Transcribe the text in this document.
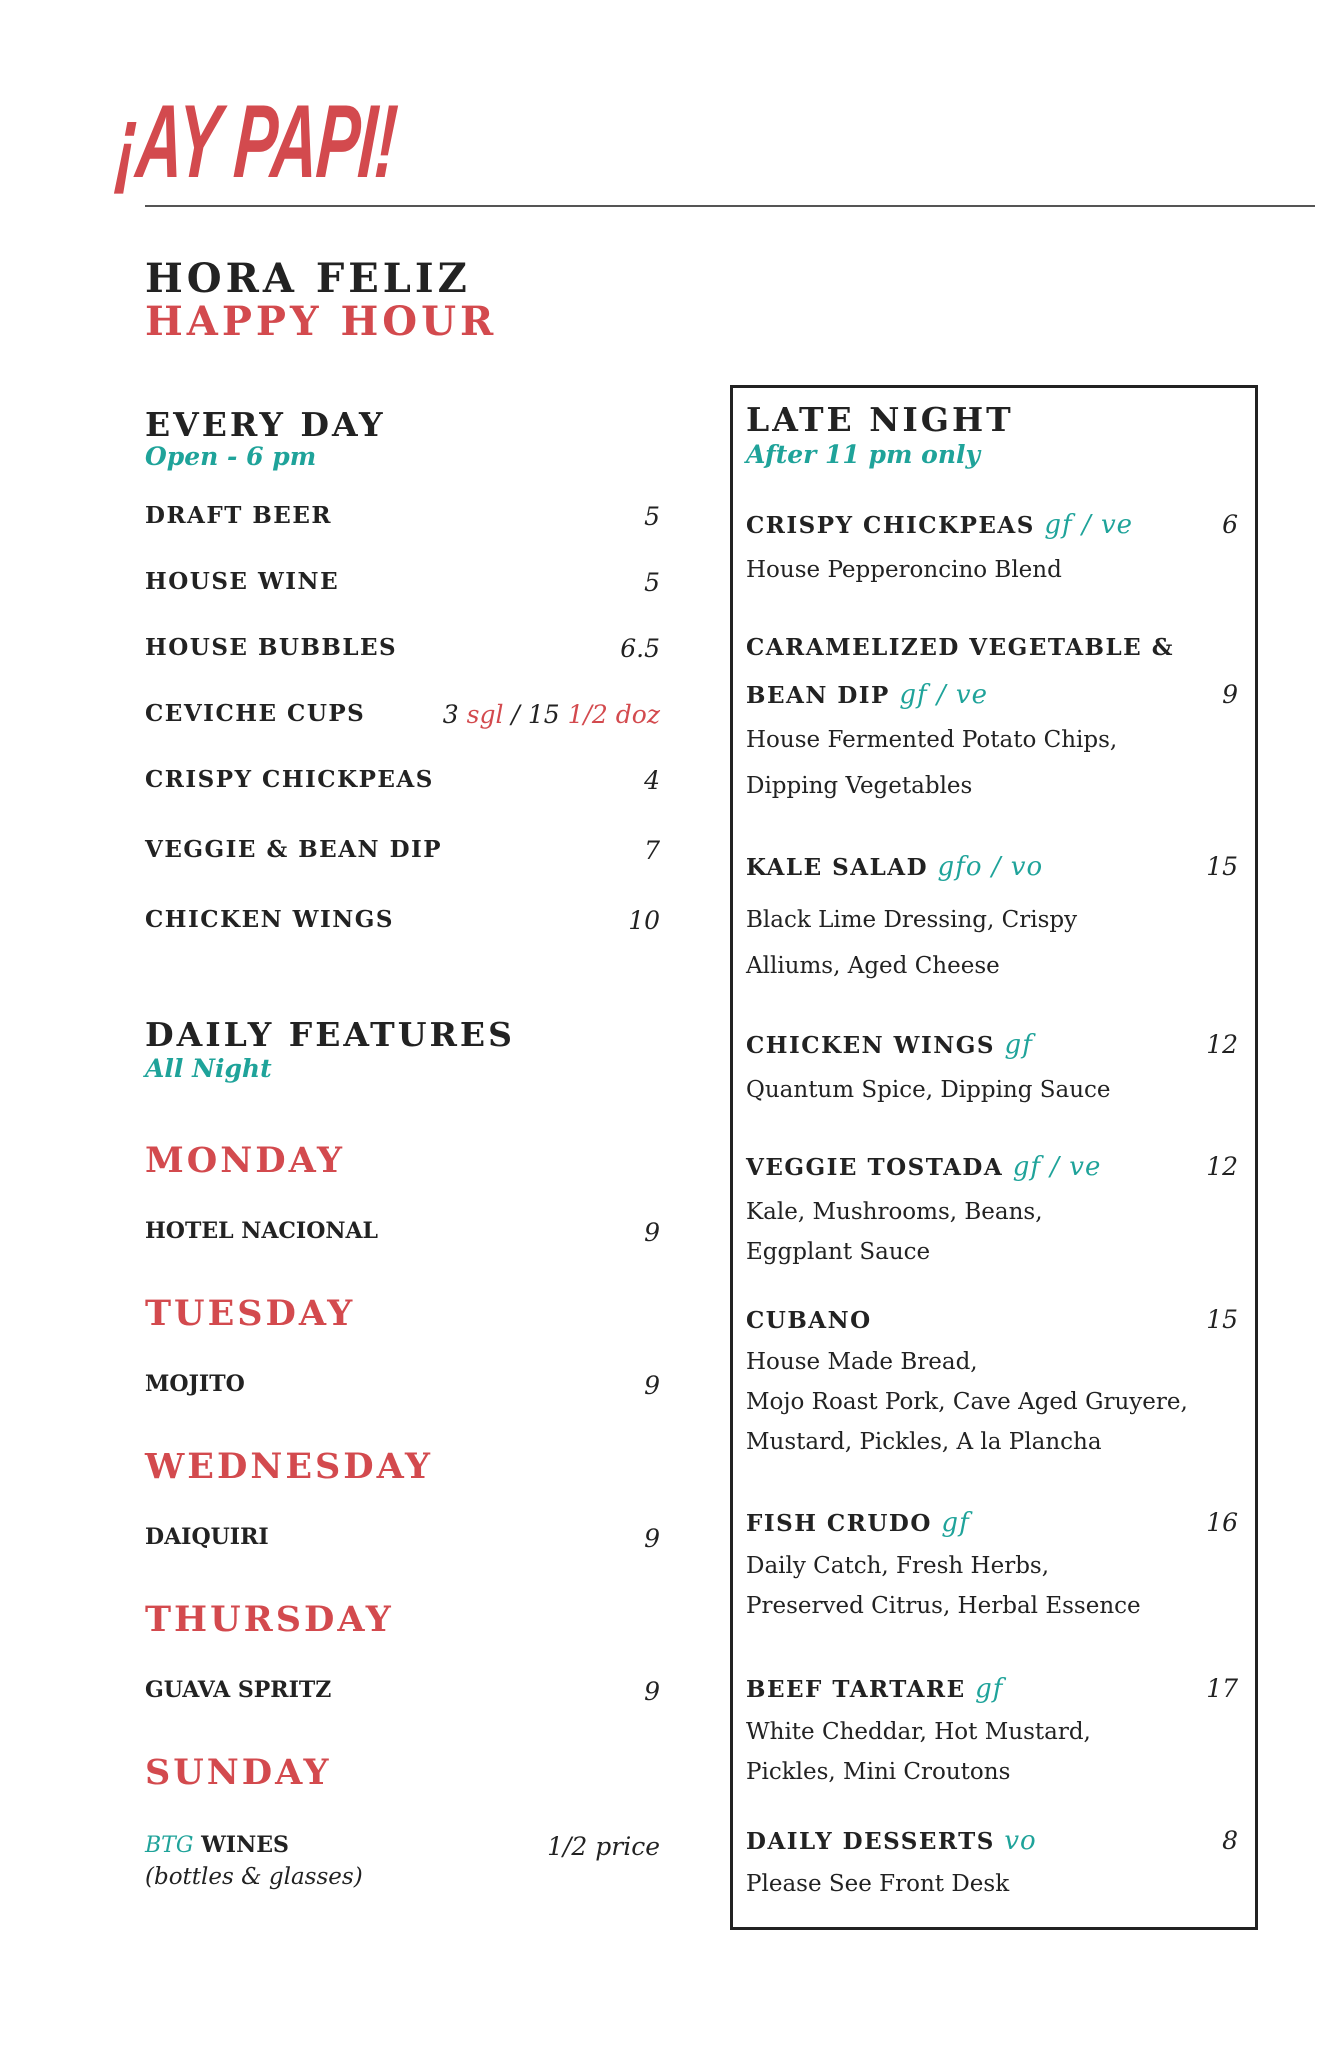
¡AY PAPI!
HORA FELIZ
HAPPY HOUR
EVERY DAY
Open - 6 pm
DRAFT BEER	5
HOUSE WINE	5
HOUSE BUBBLES	6.5
CEVICHE CUPS	3 sgl / 15 1/2 doz
CRISPY CHICKPEAS	4
VEGGIE & BEAN DIP	7
CHICKEN WINGS	10
DAILY FEATURES
All Night
MONDAY
HOTEL NACIONAL	9
TUESDAY
MOJITO	9
WEDNESDAY
DAIQUIRI	9
THURSDAY
GUAVA SPRITZ	9
SUNDAY
BTG WINES	1/2 price
(bottles & glasses)
LATE NIGHT
After 11 pm only
CRISPY CHICKPEAS gf / ve	6
House Pepperoncino Blend
CARAMELIZED VEGETABLE &
BEAN DIP gf / ve	9
House Fermented Potato Chips,
Dipping Vegetables
KALE SALAD gfo / vo	15
Black Lime Dressing, Crispy
Alliums, Aged Cheese
CHICKEN WINGS gf	12
Quantum Spice, Dipping Sauce
VEGGIE TOSTADA gf / ve	12
Kale, Mushrooms, Beans,
Eggplant Sauce
CUBANO	15
House Made Bread,
Mojo Roast Pork, Cave Aged Gruyere,
Mustard, Pickles, A la Plancha
FISH CRUDO gf	16
Daily Catch, Fresh Herbs,
Preserved Citrus, Herbal Essence
BEEF TARTARE gf	17
White Cheddar, Hot Mustard,
Pickles, Mini Croutons
DAILY DESSERTS vo	8
Please See Front Desk
